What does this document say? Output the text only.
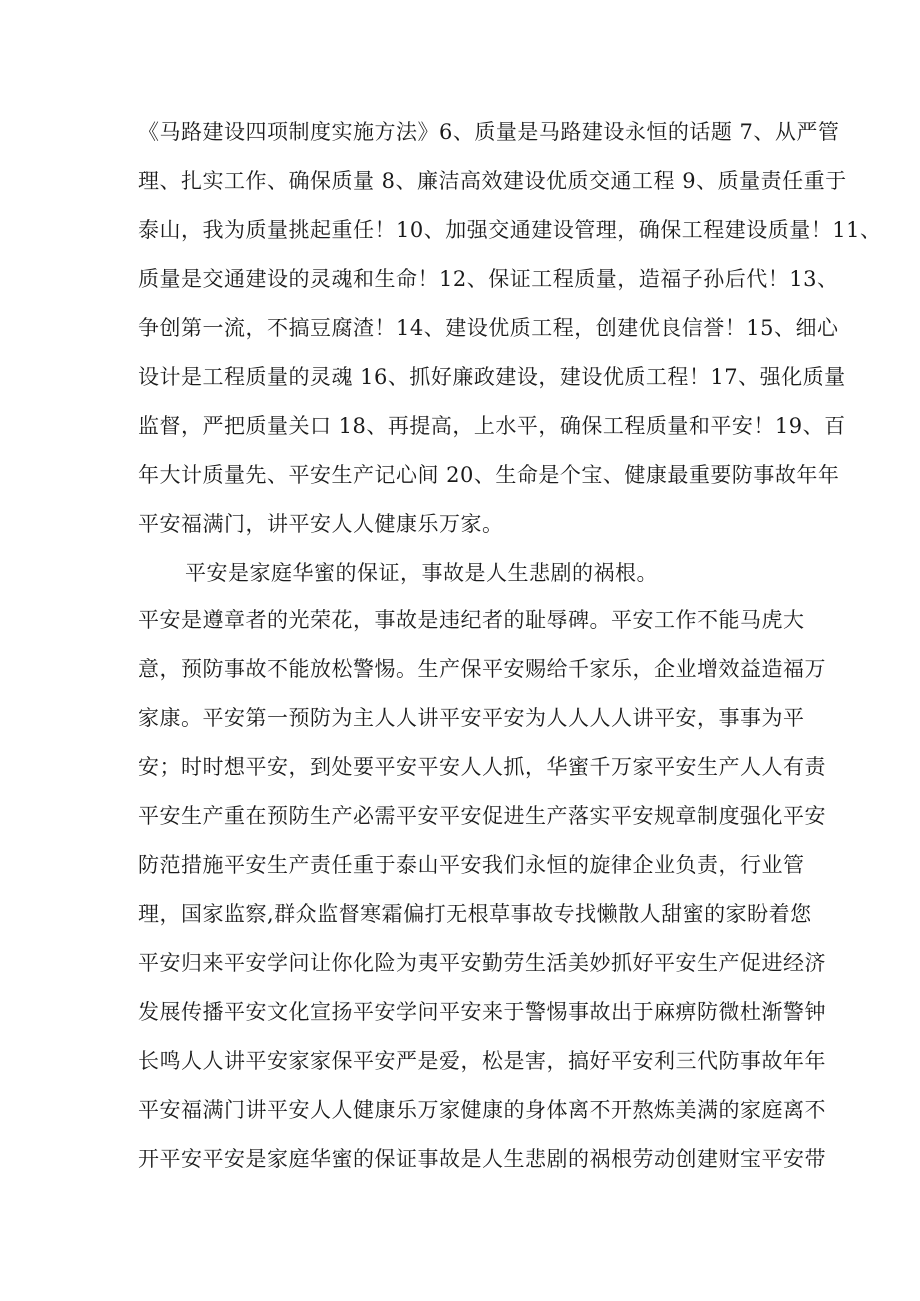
《马路建设四项制度实施方法》6、质量是马路建设永恒的话题 7、从严管

理、扎实工作、确保质量 8、廉洁高效建设优质交通工程 9、质量责任重于

泰山，我为质量挑起重任！10、加强交通建设管理，确保工程建设质量！11、

质量是交通建设的灵魂和生命！12、保证工程质量，造福子孙后代！13、

争创第一流，不搞豆腐渣！14、建设优质工程，创建优良信誉！15、细心

设计是工程质量的灵魂 16、抓好廉政建设，建设优质工程！17、强化质量

监督，严把质量关口 18、再提高，上水平，确保工程质量和平安！19、百

年大计质量先、平安生产记心间 20、生命是个宝、健康最重要防事故年年

平安福满门，讲平安人人健康乐万家。

平安是家庭华蜜的保证，事故是人生悲剧的祸根。

平安是遵章者的光荣花，事故是违纪者的耻辱碑。平安工作不能马虎大

意，预防事故不能放松警惕。生产保平安赐给千家乐，企业增效益造福万

家康。平安第一预防为主人人讲平安平安为人人人人讲平安，事事为平

安；时时想平安，到处要平安平安人人抓，华蜜千万家平安生产人人有责

平安生产重在预防生产必需平安平安促进生产落实平安规章制度强化平安

防范措施平安生产责任重于泰山平安我们永恒的旋律企业负责，行业管

理，国家监察,群众监督寒霜偏打无根草事故专找懒散人甜蜜的家盼着您

平安归来平安学问让你化险为夷平安勤劳生活美妙抓好平安生产促进经济

发展传播平安文化宣扬平安学问平安来于警惕事故出于麻痹防微杜渐警钟

长鸣人人讲平安家家保平安严是爱，松是害，搞好平安利三代防事故年年

平安福满门讲平安人人健康乐万家健康的身体离不开熬炼美满的家庭离不

开平安平安是家庭华蜜的保证事故是人生悲剧的祸根劳动创建财宝平安带
